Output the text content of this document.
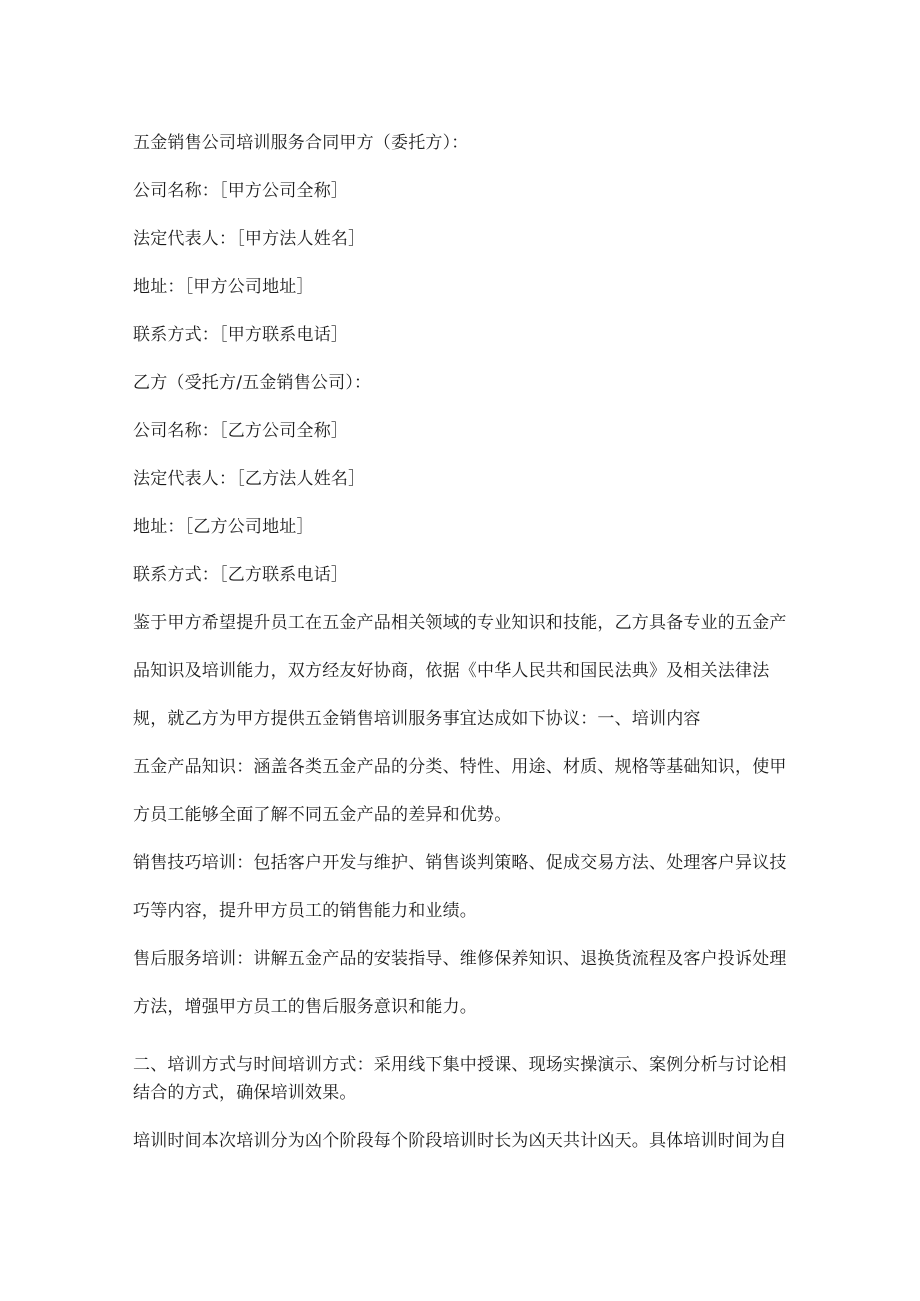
五金销售公司培训服务合同甲方（委托方）：
公司名称：［甲方公司全称］
法定代表人：［甲方法人姓名］
地址：［甲方公司地址］
联系方式：［甲方联系电话］
乙方（受托方/五金销售公司）：
公司名称：［乙方公司全称］
法定代表人：［乙方法人姓名］
地址：［乙方公司地址］
联系方式：［乙方联系电话］
鉴于甲方希望提升员工在五金产品相关领域的专业知识和技能，乙方具备专业的五金产
品知识及培训能力，双方经友好协商，依据《中华人民共和国民法典》及相关法律法
规，就乙方为甲方提供五金销售培训服务事宜达成如下协议：一、培训内容
五金产品知识：涵盖各类五金产品的分类、特性、用途、材质、规格等基础知识，使甲
方员工能够全面了解不同五金产品的差异和优势。
销售技巧培训：包括客户开发与维护、销售谈判策略、促成交易方法、处理客户异议技
巧等内容，提升甲方员工的销售能力和业绩。
售后服务培训：讲解五金产品的安装指导、维修保养知识、退换货流程及客户投诉处理
方法，增强甲方员工的售后服务意识和能力。
二、培训方式与时间培训方式：采用线下集中授课、现场实操演示、案例分析与讨论相
结合的方式，确保培训效果。
培训时间本次培训分为凶个阶段每个阶段培训时长为凶天共计凶天。具体培训时间为自
